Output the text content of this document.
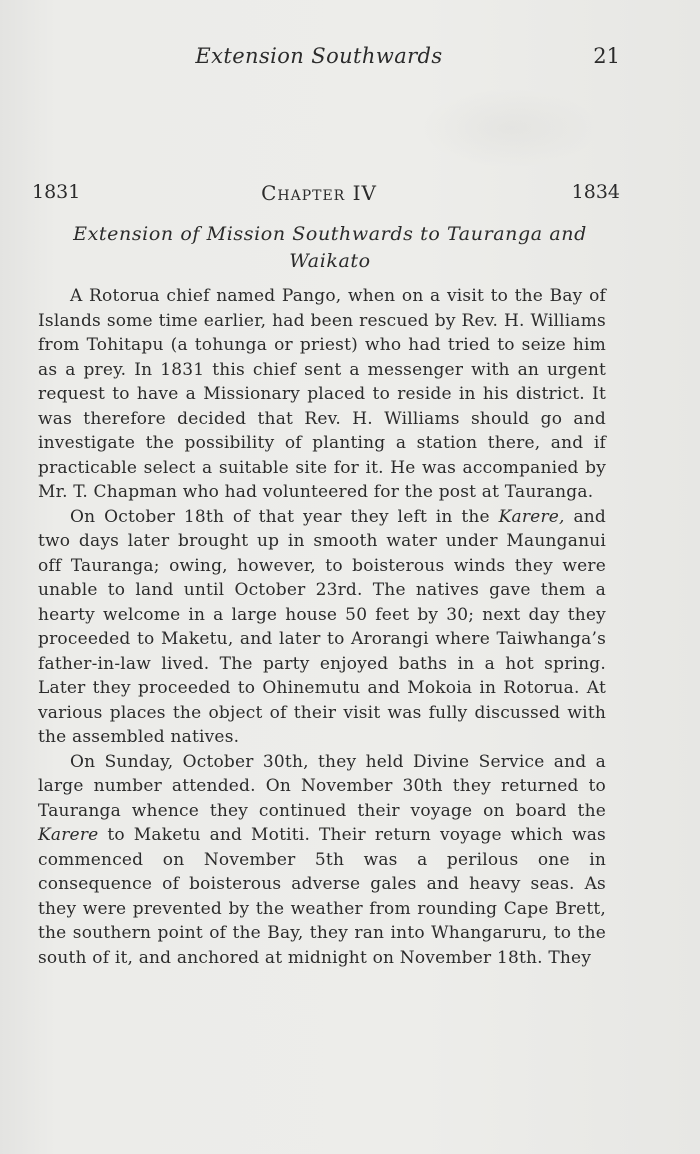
Extension Southwards	21
1831	Chapter IV	1834
Extension of Mission Southwards to Tauranga and Waikato

A Rotorua chief named Pango, when on a visit to the Bay of Islands some time earlier, had been rescued by Rev. H. Williams from Tohitapu (a tohunga or priest) who had tried to seize him as a prey. In 1831 this chief sent a messenger with an urgent request to have a Missionary placed to reside in his district. It was therefore decided that Rev. H. Williams should go and investigate the possibility of planting a station there, and if practicable select a suitable site for it. He was accompanied by Mr. T. Chapman who had volunteered for the post at Tauranga.

On October 18th of that year they left in the Karere, and two days later brought up in smooth water under Maunganui off Tauranga; owing, however, to boisterous winds they were unable to land until October 23rd. The natives gave them a hearty welcome in a large house 50 feet by 30; next day they proceeded to Maketu, and later to Arorangi where Taiwhanga’s father-in-law lived. The party enjoyed baths in a hot spring. Later they proceeded to Ohinemutu and Mokoia in Rotorua. At various places the object of their visit was fully discussed with the assembled natives.

On Sunday, October 30th, they held Divine Service and a large number attended. On November 30th they returned to Tauranga whence they continued their voyage on board the Karere to Maketu and Motiti. Their return voyage which was commenced on November 5th was a perilous one in consequence of boisterous adverse gales and heavy seas. As they were prevented by the weather from rounding Cape Brett, the southern point of the Bay, they ran into Whangaruru, to the south of it, and anchored at midnight on November 18th. They
